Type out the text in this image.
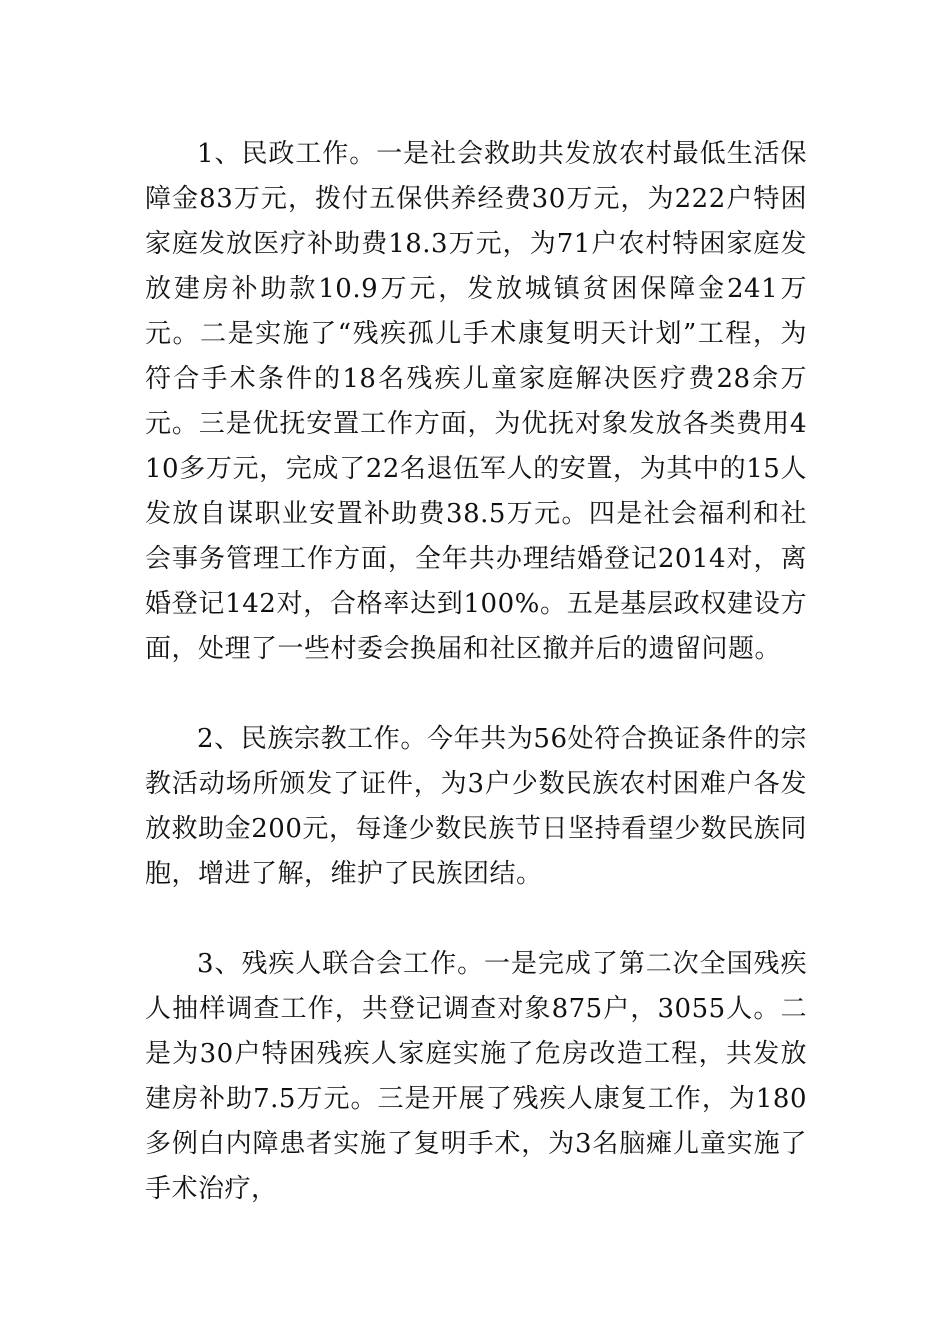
1、民政工作。一是社会救助共发放农村最低生活保障金83万元，拨付五保供养经费30万元，为222户特困家庭发放医疗补助费18.3万元，为71户农村特困家庭发放建房补助款10.9万元，发放城镇贫困保障金241万元。二是实施了“残疾孤儿手术康复明天计划”工程，为符合手术条件的18名残疾儿童家庭解决医疗费28余万元。三是优抚安置工作方面，为优抚对象发放各类费用410多万元，完成了22名退伍军人的安置，为其中的15人发放自谋职业安置补助费38.5万元。四是社会福利和社会事务管理工作方面，全年共办理结婚登记2014对，离婚登记142对，合格率达到100%。五是基层政权建设方面，处理了一些村委会换届和社区撤并后的遗留问题。

2、民族宗教工作。今年共为56处符合换证条件的宗教活动场所颁发了证件，为3户少数民族农村困难户各发放救助金200元，每逢少数民族节日坚持看望少数民族同胞，增进了解，维护了民族团结。

3、残疾人联合会工作。一是完成了第二次全国残疾人抽样调查工作，共登记调查对象875户，3055人。二是为30户特困残疾人家庭实施了危房改造工程，共发放建房补助7.5万元。三是开展了残疾人康复工作，为180多例白内障患者实施了复明手术，为3名脑瘫儿童实施了手术治疗，
